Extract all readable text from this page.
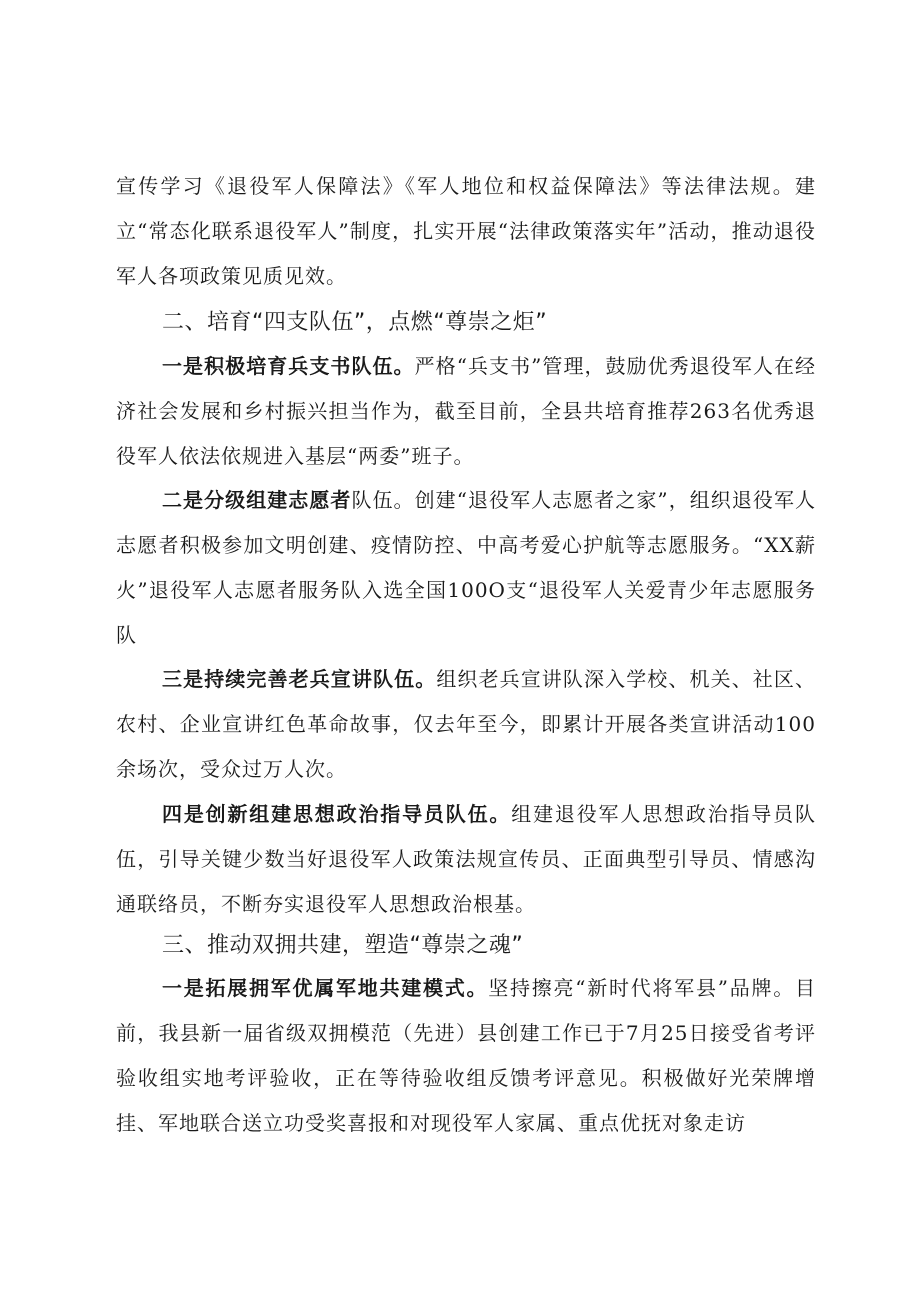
宣传学习《退役军人保障法》《军人地位和权益保障法》等法律法规。建立“常态化联系退役军人”制度，扎实开展“法律政策落实年”活动，推动退役军人各项政策见质见效。

二、培育“四支队伍”，点燃“尊崇之炬”

一是积极培育兵支书队伍。严格“兵支书”管理，鼓励优秀退役军人在经济社会发展和乡村振兴担当作为，截至目前，全县共培育推荐263名优秀退役军人依法依规进入基层“两委”班子。

二是分级组建志愿者队伍。创建“退役军人志愿者之家”，组织退役军人志愿者积极参加文明创建、疫情防控、中高考爱心护航等志愿服务。“XX薪火”退役军人志愿者服务队入选全国100O支“退役军人关爱青少年志愿服务队

三是持续完善老兵宣讲队伍。组织老兵宣讲队深入学校、机关、社区、农村、企业宣讲红色革命故事，仅去年至今，即累计开展各类宣讲活动100余场次，受众过万人次。

四是创新组建思想政治指导员队伍。组建退役军人思想政治指导员队伍，引导关键少数当好退役军人政策法规宣传员、正面典型引导员、情感沟通联络员，不断夯实退役军人思想政治根基。

三、推动双拥共建，塑造“尊崇之魂”

一是拓展拥军优属军地共建模式。坚持擦亮“新时代将军县”品牌。目前，我县新一届省级双拥模范（先进）县创建工作已于7月25日接受省考评验收组实地考评验收，正在等待验收组反馈考评意见。积极做好光荣牌增挂、军地联合送立功受奖喜报和对现役军人家属、重点优抚对象走访
